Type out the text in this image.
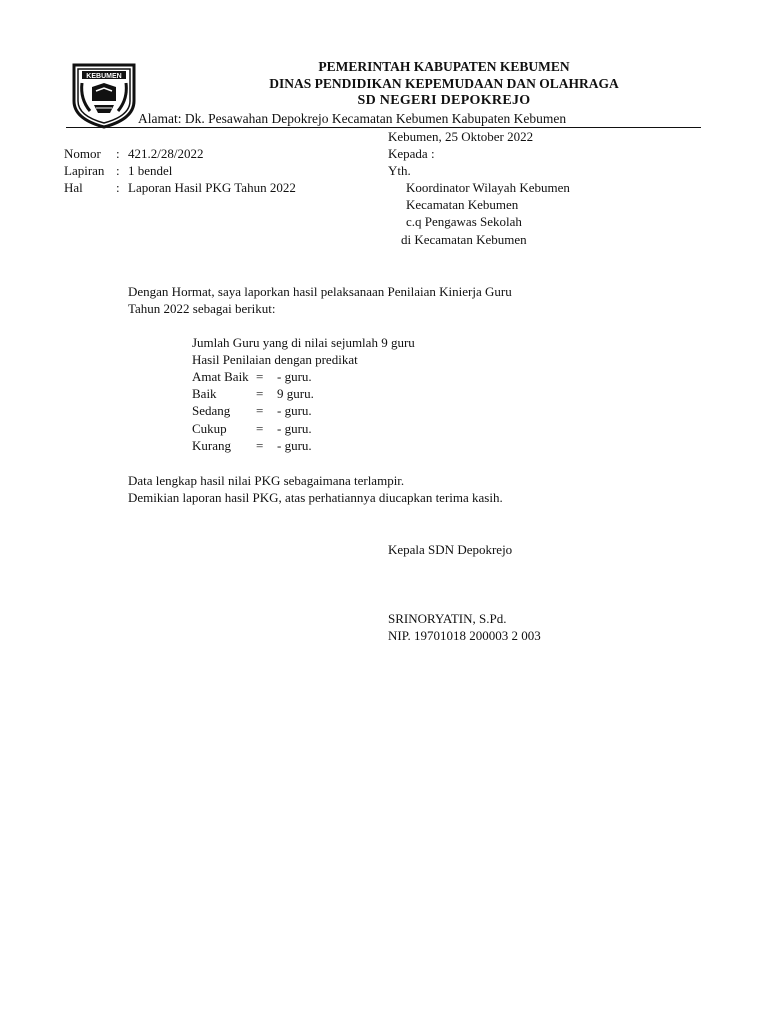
KEBUMEN
PEMERINTAH KABUPATEN KEBUMEN
DINAS PENDIDIKAN KEPEMUDAAN DAN OLAHRAGA
SD NEGERI DEPOKREJO
Alamat: Dk. Pesawahan Depokrejo Kecamatan Kebumen Kabupaten Kebumen
Kebumen, 25 Oktober 2022
Nomor : 421.2/28/2022
Lapiran : 1 bendel
Hal	: Laporan Hasil PKG Tahun 2022
Kepada :
Yth.
Koordinator Wilayah Kebumen
Kecamatan Kebumen
c.q Pengawas Sekolah
di Kecamatan Kebumen
Dengan Hormat, saya laporkan hasil pelaksanaan Penilaian Kinierja Guru
Tahun 2022 sebagai berikut:
Jumlah Guru yang di nilai sejumlah 9 guru
Hasil Penilaian dengan predikat
Amat Baik = - guru.
Baik	= 9 guru.
Sedang = - guru.
Cukup = - guru.
Kurang = - guru.
Data lengkap hasil nilai PKG sebagaimana terlampir.
Demikian laporan hasil PKG, atas perhatiannya diucapkan terima kasih.
Kepala SDN Depokrejo
SRINORYATIN, S.Pd.
NIP. 19701018 200003 2 003
